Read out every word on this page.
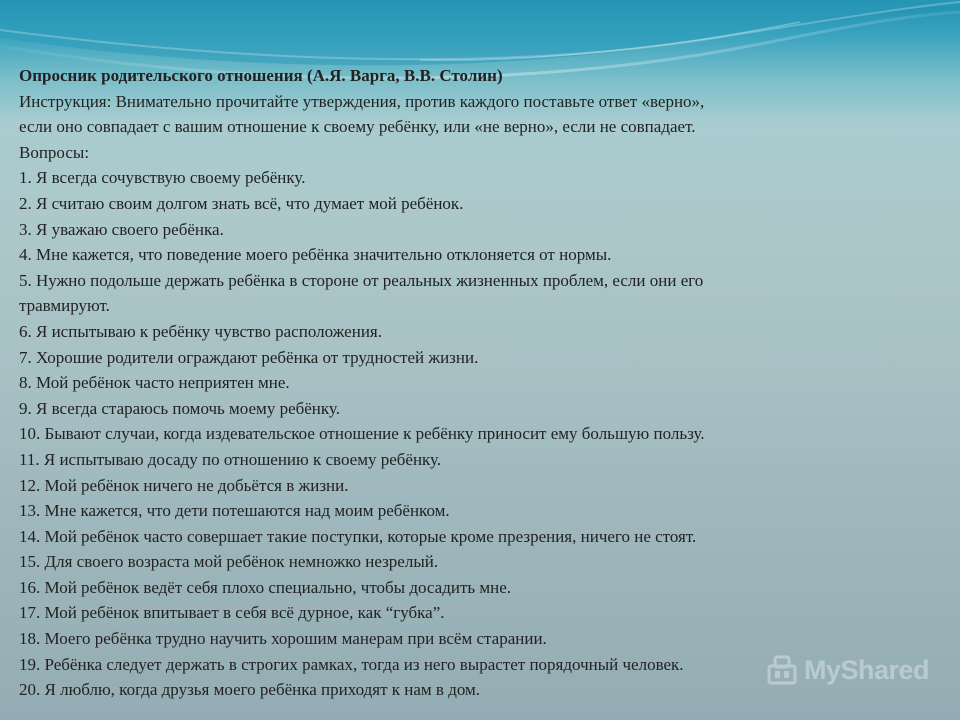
Опросник родительского отношения (А.Я. Варга, В.В. Столин)

Инструкция: Внимательно прочитайте утверждения, против каждого поставьте ответ «верно»,

если оно совпадает с вашим отношение к своему ребёнку, или «не верно», если не совпадает.

Вопросы:

1. Я всегда сочувствую своему ребёнку.

2. Я считаю своим долгом знать всё, что думает мой ребёнок.

3. Я уважаю своего ребёнка.

4. Мне кажется, что поведение моего ребёнка значительно отклоняется от нормы.

5. Нужно подольше держать ребёнка в стороне от реальных жизненных проблем, если они его

травмируют.

6. Я испытываю к ребёнку чувство расположения.

7. Хорошие родители ограждают ребёнка от трудностей жизни.

8. Мой ребёнок часто неприятен мне.

9. Я всегда стараюсь помочь моему ребёнку.

10. Бывают случаи, когда издевательское отношение к ребёнку приносит ему большую пользу.

11. Я испытываю досаду по отношению к своему ребёнку.

12. Мой ребёнок ничего не добьётся в жизни.

13. Мне кажется, что дети потешаются над моим ребёнком.

14. Мой ребёнок часто совершает такие поступки, которые кроме презрения, ничего не стоят.

15. Для своего возраста мой ребёнок немножко незрелый.

16. Мой ребёнок ведёт себя плохо специально, чтобы досадить мне.

17. Мой ребёнок впитывает в себя всё дурное, как “губка”.

18. Моего ребёнка трудно научить хорошим манерам при всём старании.

19. Ребёнка следует держать в строгих рамках, тогда из него вырастет порядочный человек.

20. Я люблю, когда друзья моего ребёнка приходят к нам в дом.

MyShared
